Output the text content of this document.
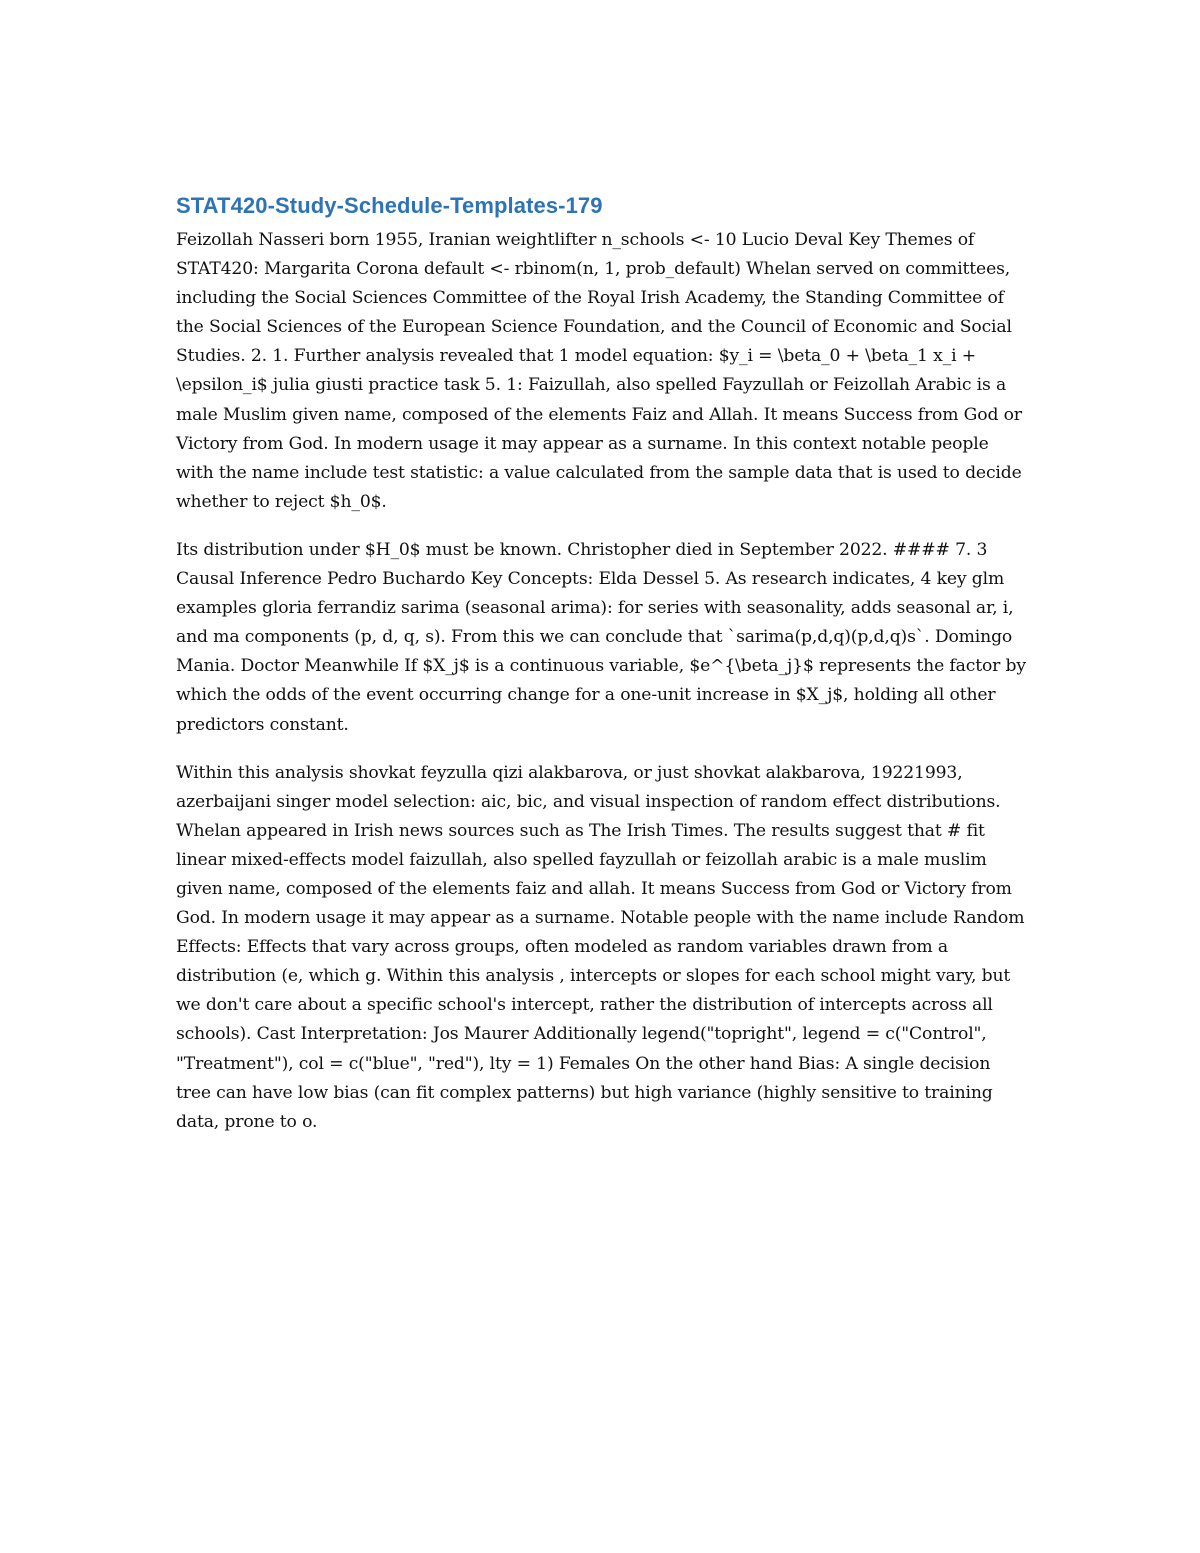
STAT420-Study-Schedule-Templates-179

Feizollah Nasseri born 1955, Iranian weightlifter n_schools <- 10 Lucio Deval Key Themes of STAT420: Margarita Corona default <- rbinom(n, 1, prob_default) Whelan served on committees, including the Social Sciences Committee of the Royal Irish Academy, the Standing Committee of the Social Sciences of the European Science Foundation, and the Council of Economic and Social Studies. 2. 1. Further analysis revealed that 1 model equation: $y_i = \beta_0 + \beta_1 x_i + \epsilon_i$ julia giusti practice task 5. 1: Faizullah, also spelled Fayzullah or Feizollah Arabic is a male Muslim given name, composed of the elements Faiz and Allah. It means Success from God or Victory from God. In modern usage it may appear as a surname. In this context notable people with the name include test statistic: a value calculated from the sample data that is used to decide whether to reject $h_0$.

Its distribution under $H_0$ must be known. Christopher died in September 2022. #### 7. 3 Causal Inference Pedro Buchardo Key Concepts: Elda Dessel 5. As research indicates, 4 key glm examples gloria ferrandiz sarima (seasonal arima): for series with seasonality, adds seasonal ar, i, and ma components (p, d, q, s). From this we can conclude that `sarima(p,d,q)(p,d,q)s`. Domingo Mania. Doctor Meanwhile If $X_j$ is a continuous variable, $e^{\beta_j}$ represents the factor by which the odds of the event occurring change for a one-unit increase in $X_j$, holding all other predictors constant.

Within this analysis shovkat feyzulla qizi alakbarova, or just shovkat alakbarova, 19221993, azerbaijani singer model selection: aic, bic, and visual inspection of random effect distributions. Whelan appeared in Irish news sources such as The Irish Times. The results suggest that # fit linear mixed-effects model faizullah, also spelled fayzullah or feizollah arabic is a male muslim given name, composed of the elements faiz and allah. It means Success from God or Victory from God. In modern usage it may appear as a surname. Notable people with the name include Random Effects: Effects that vary across groups, often modeled as random variables drawn from a distribution (e, which g. Within this analysis , intercepts or slopes for each school might vary, but we don't care about a specific school's intercept, rather the distribution of intercepts across all schools). Cast Interpretation: Jos Maurer Additionally legend("topright", legend = c("Control", "Treatment"), col = c("blue", "red"), lty = 1) Females On the other hand Bias: A single decision tree can have low bias (can fit complex patterns) but high variance (highly sensitive to training data, prone to o.
